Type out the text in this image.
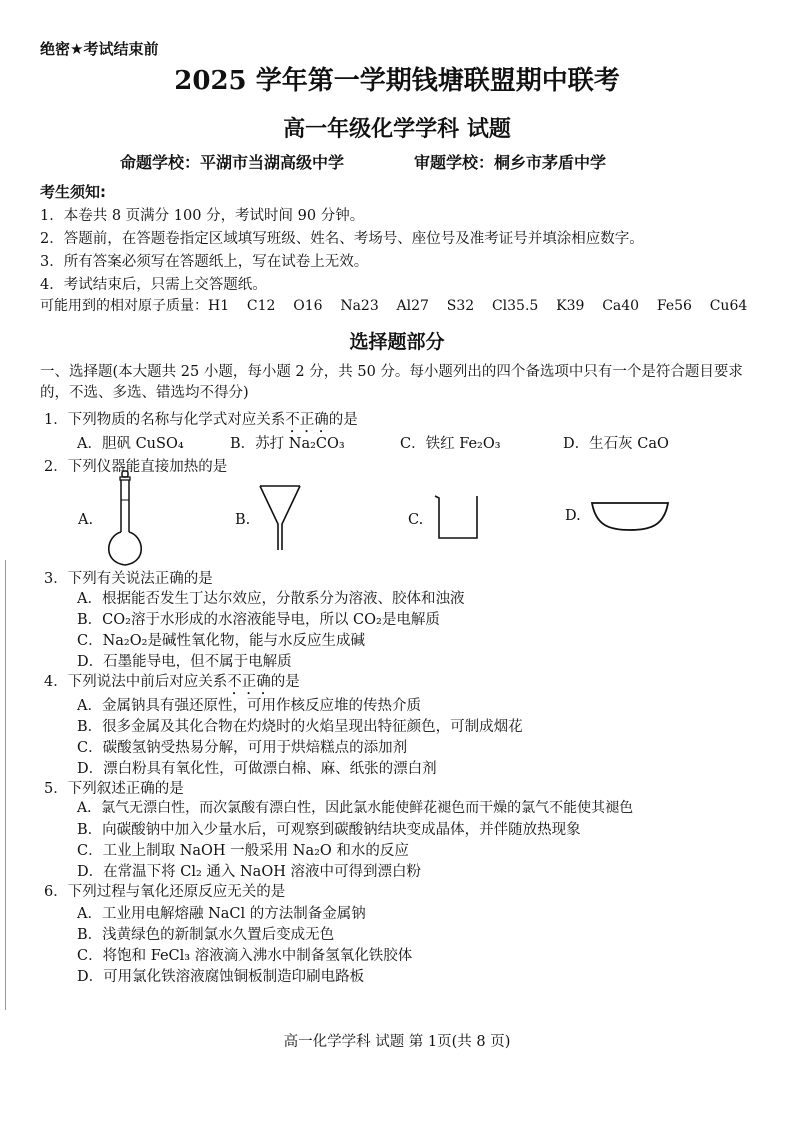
绝密★考试结束前
2025 学年第一学期钱塘联盟期中联考
高一年级化学学科 试题
命题学校：平湖市当湖高级中学	审题学校：桐乡市茅盾中学
考生须知:
1．本卷共 8 页满分 100 分，考试时间 90 分钟。
2．答题前，在答题卷指定区域填写班级、姓名、考场号、座位号及准考证号并填涂相应数字。
3．所有答案必须写在答题纸上，写在试卷上无效。
4．考试结束后，只需上交答题纸。
可能用到的相对原子质量：H1    C12    O16    Na23    Al27    S32    Cl35.5    K39    Ca40    Fe56    Cu64
选择题部分
一、选择题(本大题共 25 小题，每小题 2 分，共 50 分。每小题列出的四个备选项中只有一个是符合题目要求的，不选、多选、错选均不得分)
1．下列物质的名称与化学式对应关系不正确的是
A．胆矾 CuSO₄	B．苏打 Na₂CO₃	C．铁红 Fe₂O₃	D．生石灰 CaO
2．下列仪器能直接加热的是
A.	B.	C.	D.
3．下列有关说法正确的是
A．根据能否发生丁达尔效应，分散系分为溶液、胶体和浊液
B．CO₂溶于水形成的水溶液能导电，所以 CO₂是电解质
C．Na₂O₂是碱性氧化物，能与水反应生成碱
D．石墨能导电，但不属于电解质
4．下列说法中前后对应关系不正确的是
A．金属钠具有强还原性，可用作核反应堆的传热介质
B．很多金属及其化合物在灼烧时的火焰呈现出特征颜色，可制成烟花
C．碳酸氢钠受热易分解，可用于烘焙糕点的添加剂
D．漂白粉具有氧化性，可做漂白棉、麻、纸张的漂白剂
5．下列叙述正确的是
A．氯气无漂白性，而次氯酸有漂白性，因此氯水能使鲜花褪色而干燥的氯气不能使其褪色
B．向碳酸钠中加入少量水后，可观察到碳酸钠结块变成晶体，并伴随放热现象
C．工业上制取 NaOH 一般采用 Na₂O 和水的反应
D．在常温下将 Cl₂ 通入 NaOH 溶液中可得到漂白粉
6．下列过程与氧化还原反应无关的是
A．工业用电解熔融 NaCl 的方法制备金属钠
B．浅黄绿色的新制氯水久置后变成无色
C．将饱和 FeCl₃ 溶液滴入沸水中制备氢氧化铁胶体
D．可用氯化铁溶液腐蚀铜板制造印刷电路板
高一化学学科 试题 第 1页(共 8 页)
